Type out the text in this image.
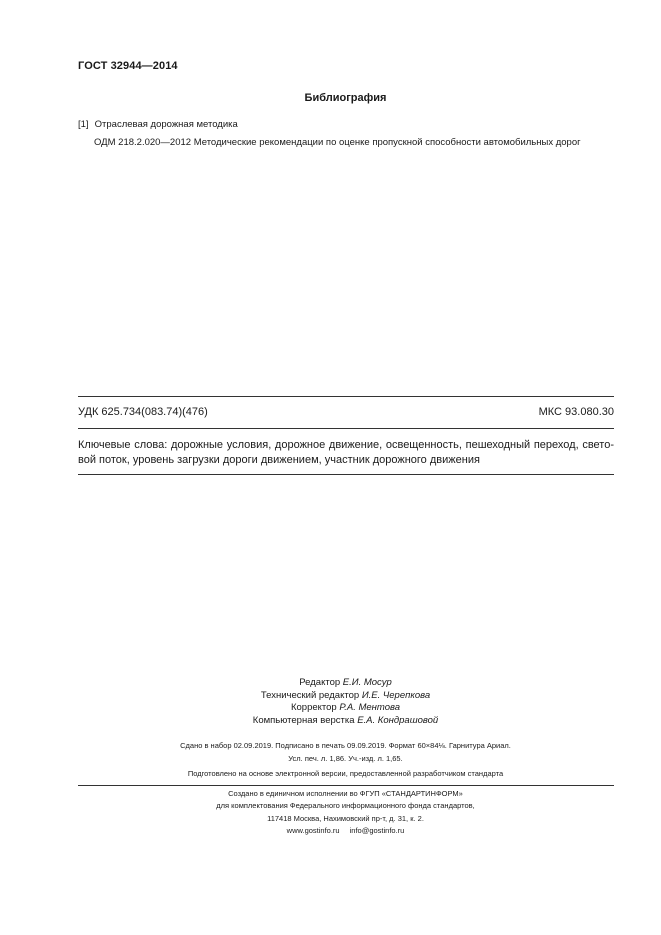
ГОСТ 32944—2014
Библиография
[1] Отраслевая дорожная методика
ОДМ 218.2.020—2012 Методические рекомендации по оценке пропускной способности автомобильных дорог
УДК 625.734(083.74)(476)	МКС 93.080.30
Ключевые слова: дорожные условия, дорожное движение, освещенность, пешеходный переход, свето-вой поток, уровень загрузки дороги движением, участник дорожного движения
Редактор Е.И. Мосур
Технический редактор И.Е. Черепкова
Корректор Р.А. Ментова
Компьютерная верстка Е.А. Кондрашовой
Сдано в набор 02.09.2019. Подписано в печать 09.09.2019. Формат 60×84⅛. Гарнитура Ариал.
Усл. печ. л. 1,86. Уч.-изд. л. 1,65.
Подготовлено на основе электронной версии, предоставленной разработчиком стандарта
Создано в единичном исполнении во ФГУП «СТАНДАРТИНФОРМ»
для комплектования Федерального информационного фонда стандартов,
117418 Москва, Нахимовский пр-т, д. 31, к. 2.
www.gostinfo.ru info@gostinfo.ru
